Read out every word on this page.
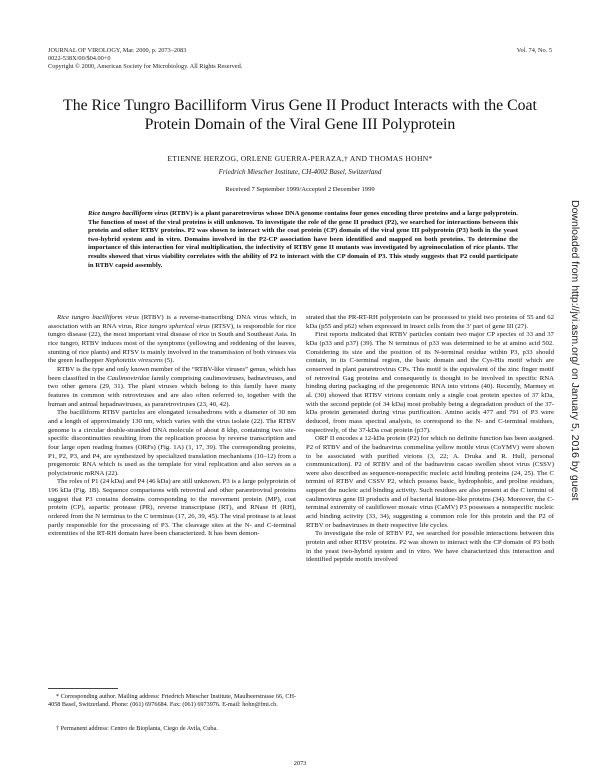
JOURNAL OF VIROLOGY, Mar. 2000, p. 2073–2083
0022-538X/00/$04.00+0
Copyright © 2000, American Society for Microbiology. All Rights Reserved.
Vol. 74, No. 5
The Rice Tungro Bacilliform Virus Gene II Product Interacts with the Coat Protein Domain of the Viral Gene III Polyprotein
ETIENNE HERZOG, ORLENE GUERRA-PERAZA,† AND THOMAS HOHN*
Friedrich Miescher Institute, CH-4002 Basel, Switzerland
Received 7 September 1999/Accepted 2 December 1999
Rice tungro bacilliform virus (RTBV) is a plant pararetrovirus whose DNA genome contains four genes encoding three proteins and a large polyprotein. The function of most of the viral proteins is still unknown. To investigate the role of the gene II product (P2), we searched for interactions between this protein and other RTBV proteins. P2 was shown to interact with the coat protein (CP) domain of the viral gene III polyprotein (P3) both in the yeast two-hybrid system and in vitro. Domains involved in the P2-CP association have been identified and mapped on both proteins. To determine the importance of this interaction for viral multiplication, the infectivity of RTBV gene II mutants was investigated by agroinoculation of rice plants. The results showed that virus viability correlates with the ability of P2 to interact with the CP domain of P3. This study suggests that P2 could participate in RTBV capsid assembly.

Rice tungro bacilliform virus (RTBV) is a reverse-transcribing DNA virus which, in association with an RNA virus, Rice tungro spherical virus (RTSV), is responsible for rice tungro disease (22), the most important viral disease of rice in South and Southeast Asia. In rice tungro, RTBV induces most of the symptoms (yellowing and reddening of the leaves, stunting of rice plants) and RTSV is mainly involved in the transmission of both viruses via the green leafhopper Nephotettix virescens (5).

RTBV is the type and only known member of the “RTBV-like viruses” genus, which has been classified in the Caulimoviridae family comprising caulimoviruses, badnaviruses, and two other genera (29, 31). The plant viruses which belong to this family have many features in common with retroviruses and are also often referred to, together with the human and animal hepadnaviruses, as pararetroviruses (23, 40, 42).

The bacilliform RTBV particles are elongated icosahedrons with a diameter of 30 nm and a length of approximately 130 nm, which varies with the virus isolate (22). The RTBV genome is a circular double-stranded DNA molecule of about 8 kbp, containing two site-specific discontinuities resulting from the replication process by reverse transcription and four large open reading frames (ORFs) (Fig. 1A) (1, 17, 39). The corresponding proteins, P1, P2, P3, and P4, are synthesized by specialized translation mechanisms (10–12) from a pregenomic RNA which is used as the template for viral replication and also serves as a polycistronic mRNA (22).

The roles of P1 (24 kDa) and P4 (46 kDa) are still unknown. P3 is a large polyprotein of 196 kDa (Fig. 1B). Sequence comparisons with retroviral and other pararetroviral proteins suggest that P3 contains domains corresponding to the movement protein (MP), coat protein (CP), aspartic protease (PR), reverse transcriptase (RT), and RNase H (RH), ordered from the N terminus to the C terminus (17, 26, 39, 45). The viral protease is at least partly responsible for the processing of P3. The cleavage sites at the N- and C-terminal extremities of the RT-RH domain have been characterized. It has been demon-

strated that the PR-RT-RH polyprotein can be processed to yield two proteins of 55 and 62 kDa (p55 and p62) when expressed in insect cells from the 3′ part of gene III (27).

First reports indicated that RTBV particles contain two major CP species of 33 and 37 kDa (p33 and p37) (39). The N terminus of p33 was determined to be at amino acid 502. Considering its size and the position of its N-terminal residue within P3, p33 should contain, in its C-terminal region, the basic domain and the Cys-His motif which are conserved in plant pararetrovirus CPs. This motif is the equivalent of the zinc finger motif of retroviral Gag proteins and consequently is thought to be involved in specific RNA binding during packaging of the pregenomic RNA into virions (40). Recently, Marmey et al. (30) showed that RTBV virions contain only a single coat protein species of 37 kDa, with the second peptide (of 34 kDa) most probably being a degradation product of the 37-kDa protein generated during virus purification. Amino acids 477 and 791 of P3 were deduced, from mass spectral analysis, to correspond to the N- and C-terminal residues, respectively, of the 37-kDa coat protein (p37).

ORF II encodes a 12-kDa protein (P2) for which no definite function has been assigned. P2 of RTBV and of the badnavirus commelina yellow mottle virus (CoYMV) were shown to be associated with purified virions (3, 22; A. Druka and R. Hull, personal communication). P2 of RTBV and of the badnavirus cacao swollen shoot virus (CSSV) were also described as sequence-nonspecific nucleic acid binding proteins (24, 25). The C termini of RTBV and CSSV P2, which possess basic, hydrophobic, and proline residues, support the nucleic acid binding activity. Such residues are also present at the C termini of caulimovirus gene III products and of bacterial histone-like proteins (34). Moreover, the C-terminal extremity of cauliflower mosaic virus (CaMV) P3 possesses a nonspecific nucleic acid binding activity (33, 34), suggesting a common role for this protein and the P2 of RTBV or badnaviruses in their respective life cycles.

To investigate the role of RTBV P2, we searched for possible interactions between this protein and other RTBV proteins. P2 was shown to interact with the CP domain of P3 both in the yeast two-hybrid system and in vitro. We have characterized this interaction and identified peptide motifs involved

* Corresponding author. Mailing address: Friedrich Miescher Institute, Maulbeerstrasse 66, CH-4058 Basel, Switzerland. Phone: (061) 6976684. Fax: (061) 6973976. E-mail: hohn@fmi.ch.
† Permanent address: Centro de Bioplanta, Ciego de Avila, Cuba.
2073
Downloaded from http://jvi.asm.org/ on January 5, 2016 by guest
